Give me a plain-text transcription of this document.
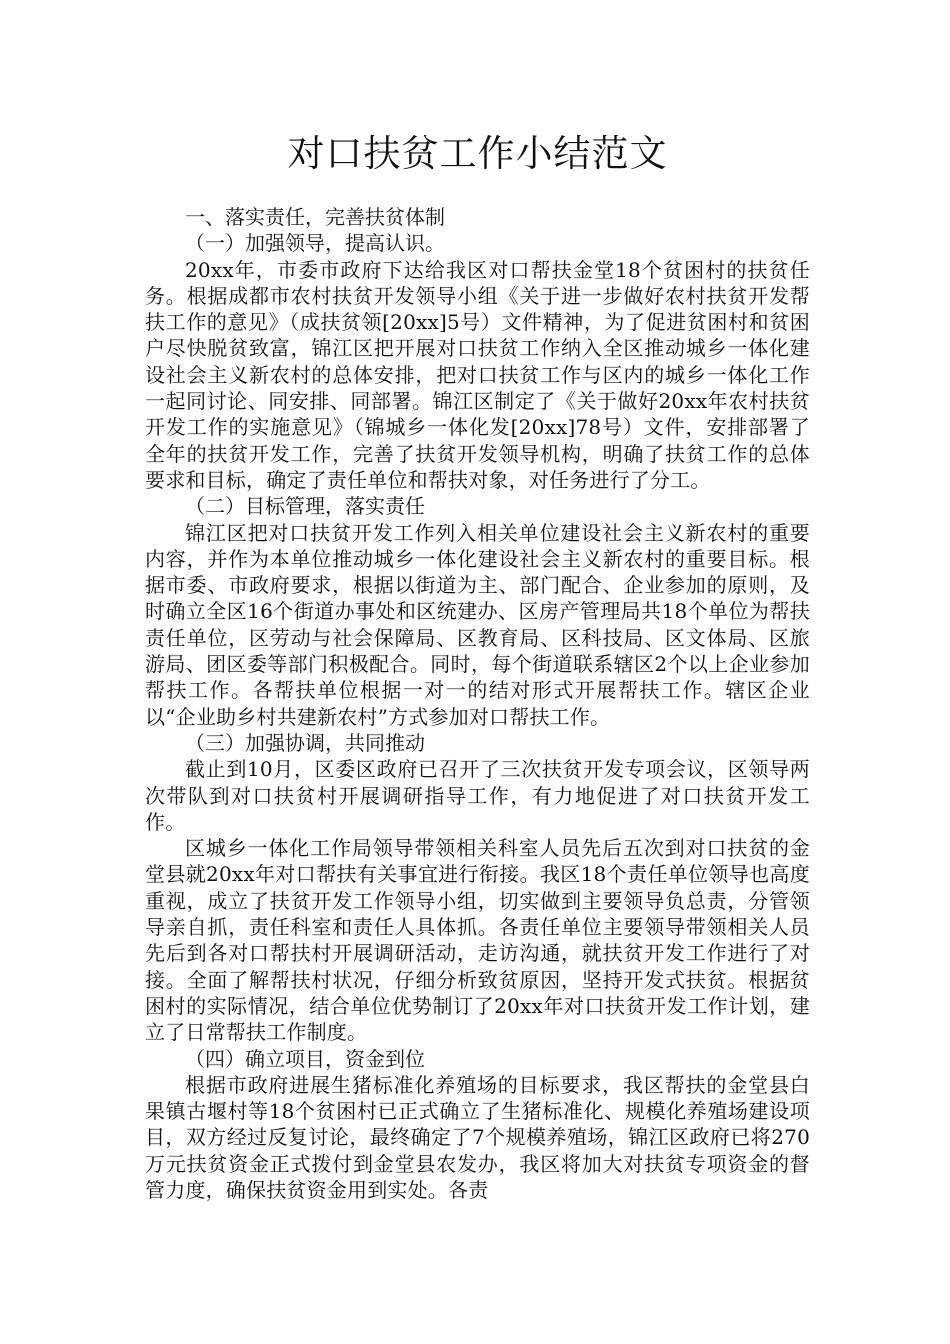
对口扶贫工作小结范文

一、落实责任，完善扶贫体制

（一）加强领导，提高认识。

20xx年，市委市政府下达给我区对口帮扶金堂18个贫困村的扶贫任务。根据成都市农村扶贫开发领导小组《关于进一步做好农村扶贫开发帮扶工作的意见》（成扶贫领[20xx]5号）文件精神，为了促进贫困村和贫困户尽快脱贫致富，锦江区把开展对口扶贫工作纳入全区推动城乡一体化建设社会主义新农村的总体安排，把对口扶贫工作与区内的城乡一体化工作一起同讨论、同安排、同部署。锦江区制定了《关于做好20xx年农村扶贫开发工作的实施意见》（锦城乡一体化发[20xx]78号）文件，安排部署了全年的扶贫开发工作，完善了扶贫开发领导机构，明确了扶贫工作的总体要求和目标，确定了责任单位和帮扶对象，对任务进行了分工。

（二）目标管理，落实责任

锦江区把对口扶贫开发工作列入相关单位建设社会主义新农村的重要内容，并作为本单位推动城乡一体化建设社会主义新农村的重要目标。根据市委、市政府要求，根据以街道为主、部门配合、企业参加的原则，及时确立全区16个街道办事处和区统建办、区房产管理局共18个单位为帮扶责任单位，区劳动与社会保障局、区教育局、区科技局、区文体局、区旅游局、团区委等部门积极配合。同时，每个街道联系辖区2个以上企业参加帮扶工作。各帮扶单位根据一对一的结对形式开展帮扶工作。辖区企业以“企业助乡村共建新农村”方式参加对口帮扶工作。

（三）加强协调，共同推动

截止到10月，区委区政府已召开了三次扶贫开发专项会议，区领导两次带队到对口扶贫村开展调研指导工作，有力地促进了对口扶贫开发工作。

区城乡一体化工作局领导带领相关科室人员先后五次到对口扶贫的金堂县就20xx年对口帮扶有关事宜进行衔接。我区18个责任单位领导也高度重视，成立了扶贫开发工作领导小组，切实做到主要领导负总责，分管领导亲自抓，责任科室和责任人具体抓。各责任单位主要领导带领相关人员先后到各对口帮扶村开展调研活动，走访沟通，就扶贫开发工作进行了对接。全面了解帮扶村状况，仔细分析致贫原因，坚持开发式扶贫。根据贫困村的实际情况，结合单位优势制订了20xx年对口扶贫开发工作计划，建立了日常帮扶工作制度。

（四）确立项目，资金到位

根据市政府进展生猪标准化养殖场的目标要求，我区帮扶的金堂县白果镇古堰村等18个贫困村已正式确立了生猪标准化、规模化养殖场建设项目，双方经过反复讨论，最终确定了7个规模养殖场，锦江区政府已将270万元扶贫资金正式拨付到金堂县农发办，我区将加大对扶贫专项资金的督管力度，确保扶贫资金用到实处。各责
